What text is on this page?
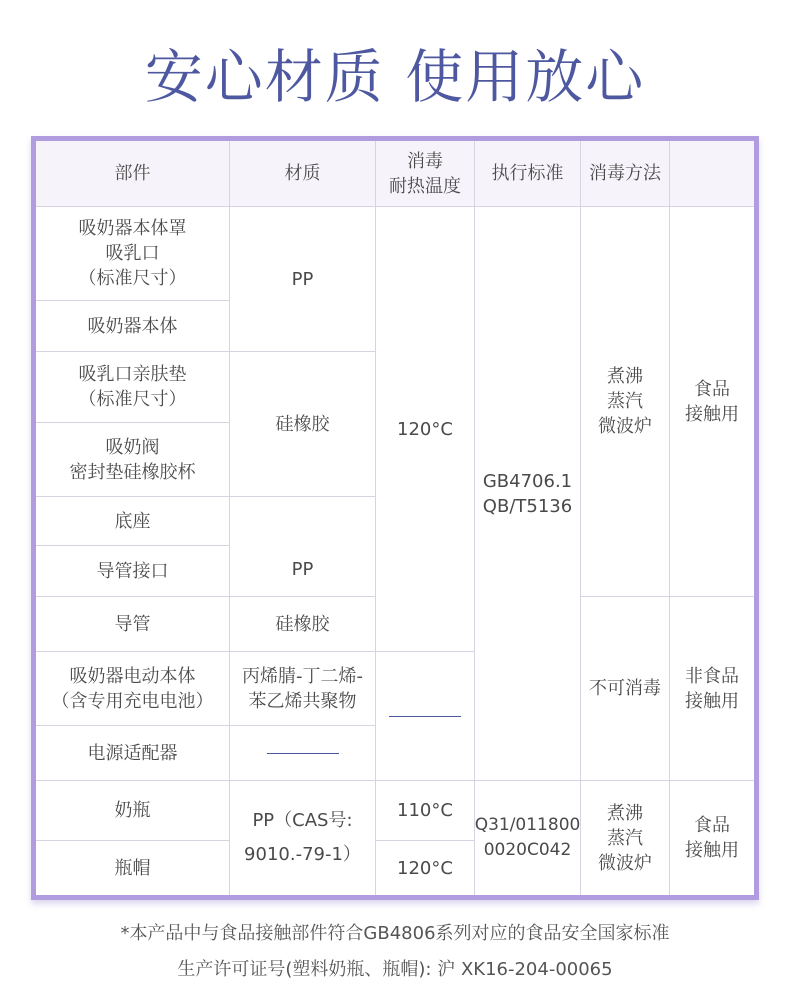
安心材质 使用放心
部件	材质
消毒
耐热温度
执行标准	消毒方法
吸奶器本体罩
吸乳口
（标准尺寸）
吸奶器本体
吸乳口亲肤垫
（标准尺寸）
吸奶阀
密封垫硅橡胶杯
底座
导管接口
导管
吸奶器电动本体
（含专用充电电池）
电源适配器
奶瓶
瓶帽
PP
硅橡胶
PP
硅橡胶
丙烯腈-丁二烯-
苯乙烯共聚物
PP（CAS号:
9010.-79-1）
120°C
110°C
120°C
GB4706.1
QB/T5136
Q31/011800
0020C042
煮沸
蒸汽
微波炉
不可消毒
煮沸
蒸汽
微波炉
食品
接触用
非食品
接触用
食品
接触用
*本产品中与食品接触部件符合GB4806系列对应的食品安全国家标准
生产许可证号(塑料奶瓶、瓶帽): 沪 XK16-204-00065
